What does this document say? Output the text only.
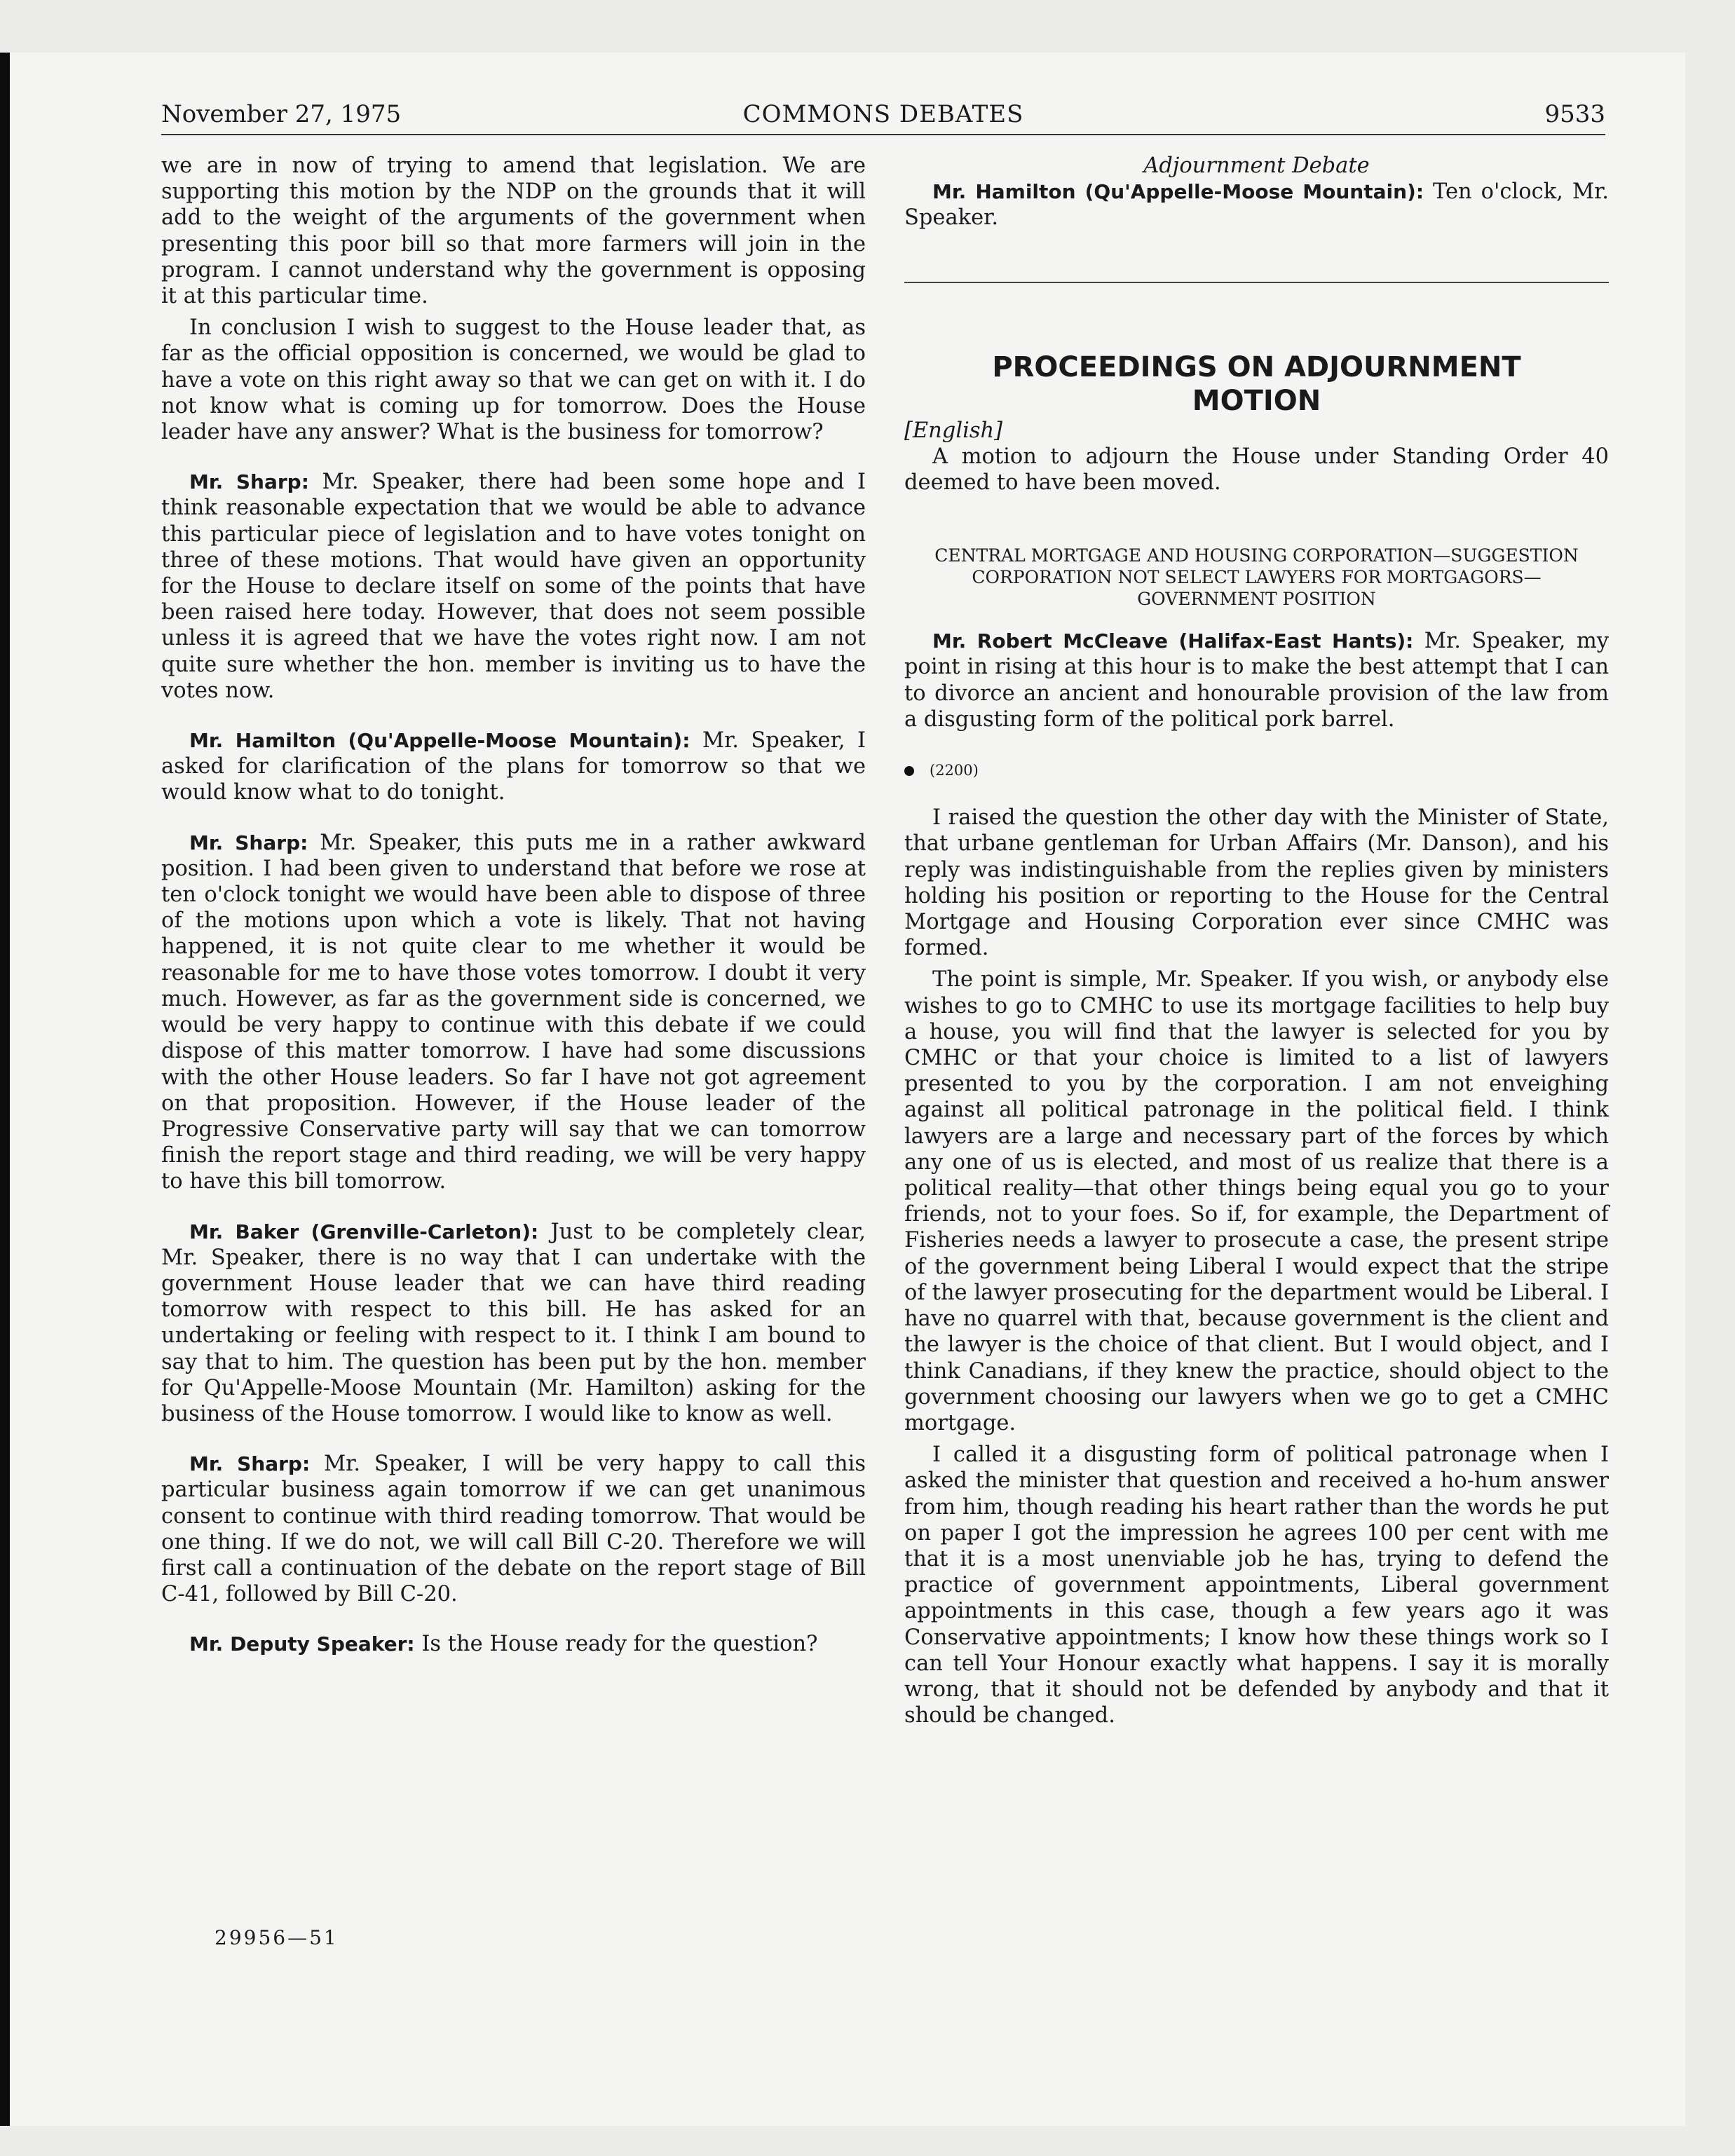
November 27, 1975	COMMONS DEBATES	9533

we are in now of trying to amend that legislation. We are supporting this motion by the NDP on the grounds that it will add to the weight of the arguments of the government when presenting this poor bill so that more farmers will join in the program. I cannot understand why the government is opposing it at this particular time.

In conclusion I wish to suggest to the House leader that, as far as the official opposition is concerned, we would be glad to have a vote on this right away so that we can get on with it. I do not know what is coming up for tomorrow. Does the House leader have any answer? What is the business for tomorrow?

Mr. Sharp: Mr. Speaker, there had been some hope and I think reasonable expectation that we would be able to advance this particular piece of legislation and to have votes tonight on three of these motions. That would have given an opportunity for the House to declare itself on some of the points that have been raised here today. However, that does not seem possible unless it is agreed that we have the votes right now. I am not quite sure whether the hon. member is inviting us to have the votes now.

Mr. Hamilton (Qu'Appelle-Moose Mountain): Mr. Speaker, I asked for clarification of the plans for tomorrow so that we would know what to do tonight.

Mr. Sharp: Mr. Speaker, this puts me in a rather awkward position. I had been given to understand that before we rose at ten o'clock tonight we would have been able to dispose of three of the motions upon which a vote is likely. That not having happened, it is not quite clear to me whether it would be reasonable for me to have those votes tomorrow. I doubt it very much. However, as far as the government side is concerned, we would be very happy to continue with this debate if we could dispose of this matter tomorrow. I have had some discussions with the other House leaders. So far I have not got agreement on that proposition. However, if the House leader of the Progressive Conservative party will say that we can tomorrow finish the report stage and third reading, we will be very happy to have this bill tomorrow.

Mr. Baker (Grenville-Carleton): Just to be completely clear, Mr. Speaker, there is no way that I can undertake with the government House leader that we can have third reading tomorrow with respect to this bill. He has asked for an undertaking or feeling with respect to it. I think I am bound to say that to him. The question has been put by the hon. member for Qu'Appelle-Moose Mountain (Mr. Hamilton) asking for the business of the House tomorrow. I would like to know as well.

Mr. Sharp: Mr. Speaker, I will be very happy to call this particular business again tomorrow if we can get unanimous consent to continue with third reading tomorrow. That would be one thing. If we do not, we will call Bill C-20. Therefore we will first call a continuation of the debate on the report stage of Bill C-41, followed by Bill C-20.

Mr. Deputy Speaker: Is the House ready for the question?

Adjournment Debate

Mr. Hamilton (Qu'Appelle-Moose Mountain): Ten o'clock, Mr. Speaker.

PROCEEDINGS ON ADJOURNMENT MOTION

[English]

A motion to adjourn the House under Standing Order 40 deemed to have been moved.

CENTRAL MORTGAGE AND HOUSING CORPORATION—SUGGESTION CORPORATION NOT SELECT LAWYERS FOR MORTGAGORS—GOVERNMENT POSITION

Mr. Robert McCleave (Halifax-East Hants): Mr. Speaker, my point in rising at this hour is to make the best attempt that I can to divorce an ancient and honourable provision of the law from a disgusting form of the political pork barrel.

(2200)

I raised the question the other day with the Minister of State, that urbane gentleman for Urban Affairs (Mr. Danson), and his reply was indistinguishable from the replies given by ministers holding his position or reporting to the House for the Central Mortgage and Housing Corporation ever since CMHC was formed.

The point is simple, Mr. Speaker. If you wish, or anybody else wishes to go to CMHC to use its mortgage facilities to help buy a house, you will find that the lawyer is selected for you by CMHC or that your choice is limited to a list of lawyers presented to you by the corporation. I am not enveighing against all political patronage in the political field. I think lawyers are a large and necessary part of the forces by which any one of us is elected, and most of us realize that there is a political reality—that other things being equal you go to your friends, not to your foes. So if, for example, the Department of Fisheries needs a lawyer to prosecute a case, the present stripe of the government being Liberal I would expect that the stripe of the lawyer prosecuting for the department would be Liberal. I have no quarrel with that, because government is the client and the lawyer is the choice of that client. But I would object, and I think Canadians, if they knew the practice, should object to the government choosing our lawyers when we go to get a CMHC mortgage.

I called it a disgusting form of political patronage when I asked the minister that question and received a ho-hum answer from him, though reading his heart rather than the words he put on paper I got the impression he agrees 100 per cent with me that it is a most unenviable job he has, trying to defend the practice of government appointments, Liberal government appointments in this case, though a few years ago it was Conservative appointments; I know how these things work so I can tell Your Honour exactly what happens. I say it is morally wrong, that it should not be defended by anybody and that it should be changed.

29956—51
